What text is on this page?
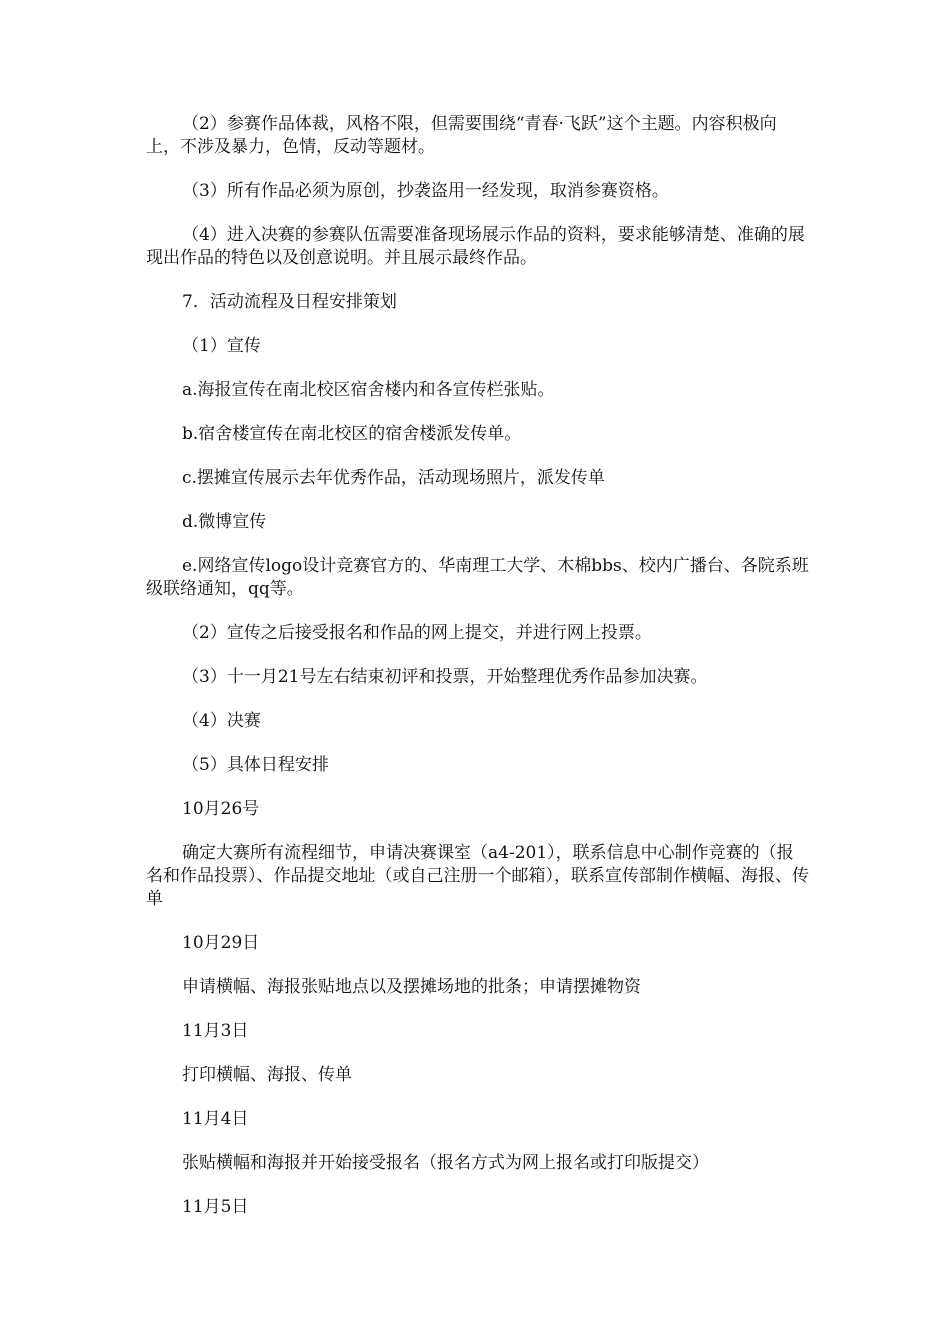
（2）参赛作品体裁，风格不限，但需要围绕“青春·飞跃”这个主题。内容积极向上，不涉及暴力，色情，反动等题材。

（3）所有作品必须为原创，抄袭盗用一经发现，取消参赛资格。

（4）进入决赛的参赛队伍需要准备现场展示作品的资料，要求能够清楚、准确的展现出作品的特色以及创意说明。并且展示最终作品。

7．活动流程及日程安排策划

（1）宣传

a.海报宣传在南北校区宿舍楼内和各宣传栏张贴。

b.宿舍楼宣传在南北校区的宿舍楼派发传单。

c.摆摊宣传展示去年优秀作品，活动现场照片，派发传单

d.微博宣传

e.网络宣传logo设计竞赛官方的、华南理工大学、木棉bbs、校内广播台、各院系班级联络通知，qq等。

（2）宣传之后接受报名和作品的网上提交，并进行网上投票。

（3）十一月21号左右结束初评和投票，开始整理优秀作品参加决赛。

（4）决赛

（5）具体日程安排

10月26号

确定大赛所有流程细节，申请决赛课室（a4-201），联系信息中心制作竞赛的（报名和作品投票）、作品提交地址（或自己注册一个邮箱），联系宣传部制作横幅、海报、传单

10月29日

申请横幅、海报张贴地点以及摆摊场地的批条；申请摆摊物资

11月3日

打印横幅、海报、传单

11月4日

张贴横幅和海报并开始接受报名（报名方式为网上报名或打印版提交）

11月5日
